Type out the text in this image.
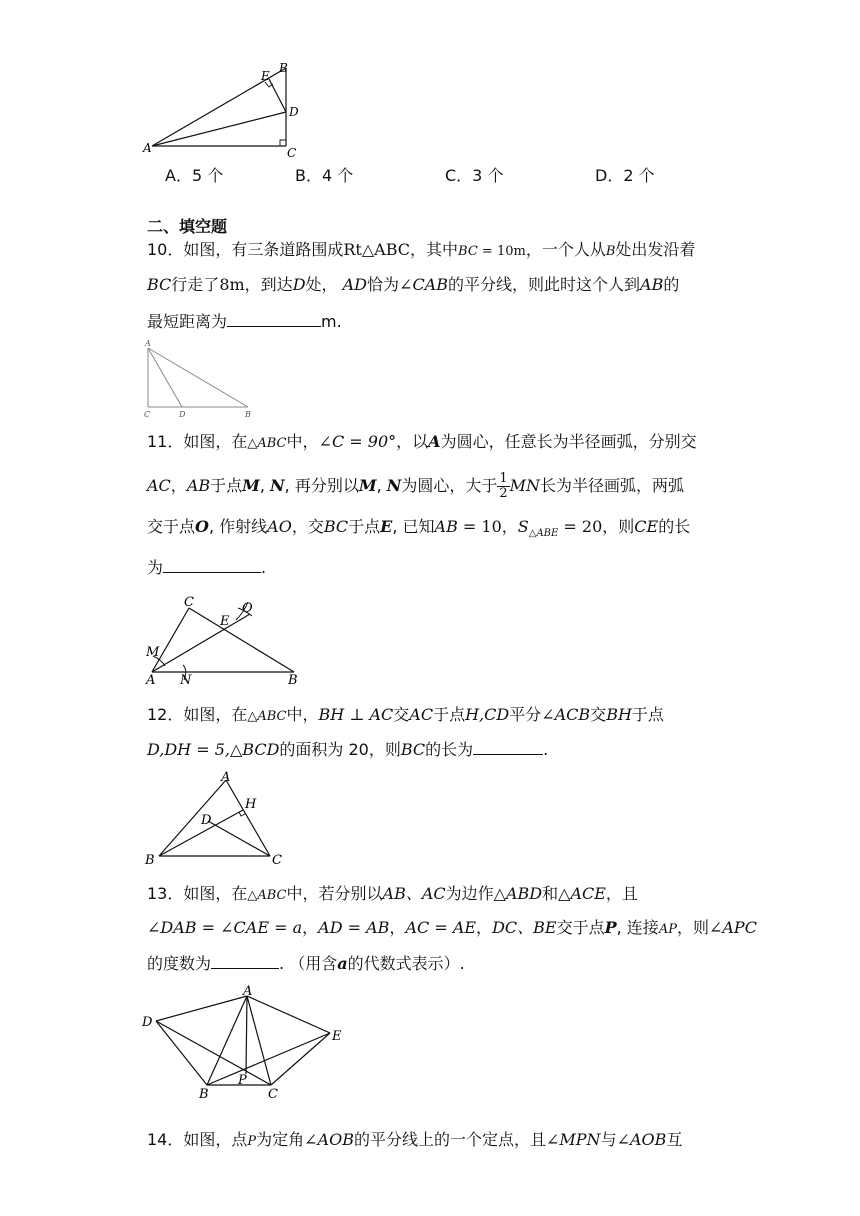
A
B
C
D
E
A．5 个	B．4 个	C．3 个	D．2 个
二、填空题
10．如图，有三条道路围成Rt△ABC，其中BC = 10m，一个人从B处出发沿着
BC行走了8m，到达D处， AD恰为∠CAB的平分线，则此时这个人到AB的
最短距离为	m.
A
C	D	B
11．如图，在△ABC中，∠C = 90°，以A为圆心，任意长为半径画弧，分别交
AC，AB于点M, N, 再分别以M, N为圆心，大于 $\frac{1}{2}$ MN长为半径画弧，两弧
交于点O, 作射线AO，交BC于点E, 已知AB = 10，$S_{\triangle ABE} = 20$，则CE的长
为	.
C
E
O
M
A N	B
12．如图，在△ABC中，BH ⊥ AC交AC于点H,CD平分∠ACB交BH于点
D,DH = 5,△BCD的面积为 20，则BC的长为	.
A
H
D
B	C
13．如图，在△ABC中，若分别以AB、AC为边作△ABD和△ACE，且
∠DAB = ∠CAE = a，AD = AB，AC = AE，DC、BE交于点P, 连接AP，则∠APC
的度数为	. （用含a的代数式表示）.
A
D
E
P
B	C
14．如图，点P为定角∠AOB的平分线上的一个定点，且∠MPN与∠AOB互
